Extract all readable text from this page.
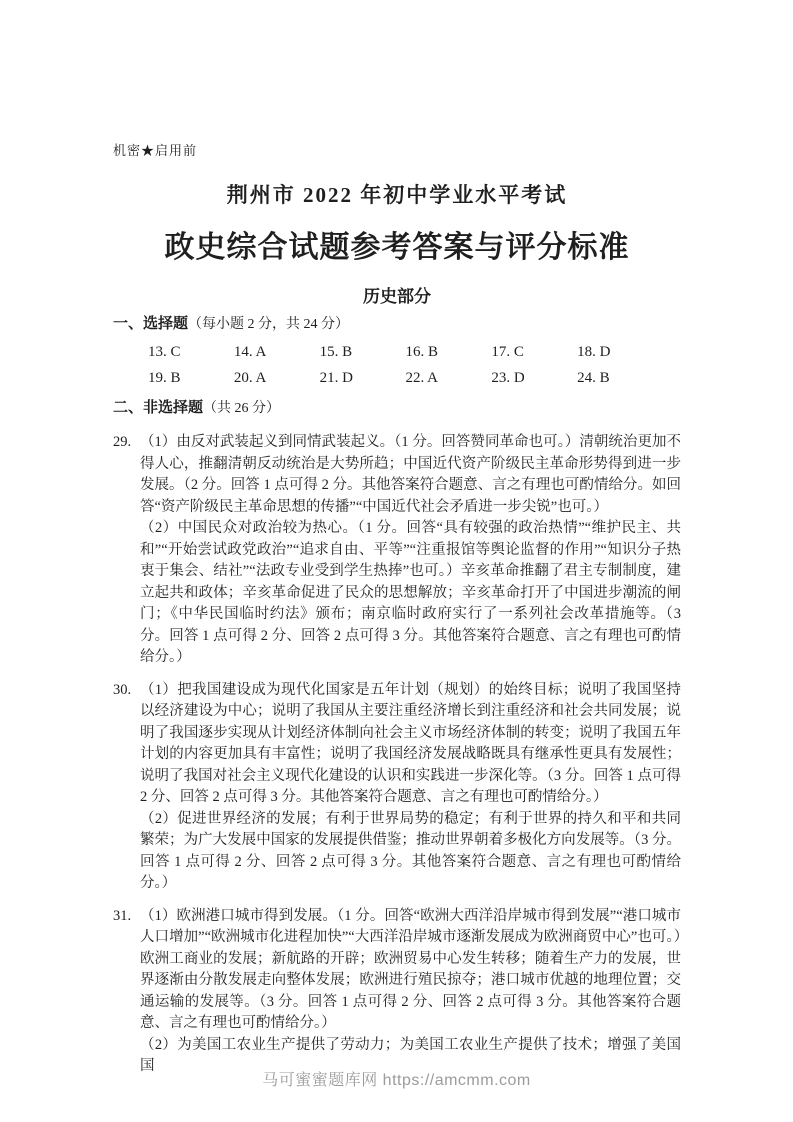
机密★启用前
荆州市 2022 年初中学业水平考试
政史综合试题参考答案与评分标准
历史部分
一、选择题（每小题 2 分，共 24 分）
13. C	14. A	15. B	16. B	17. C	18. D
19. B	20. A	21. D	22. A	23. D	24. B
二、非选择题（共 26 分）
29. （1）由反对武装起义到同情武装起义。（1 分。回答赞同革命也可。）清朝统治更加不得人心，推翻清朝反动统治是大势所趋；中国近代资产阶级民主革命形势得到进一步发展。（2 分。回答 1 点可得 2 分。其他答案符合题意、言之有理也可酌情给分。如回答“资产阶级民主革命思想的传播”“中国近代社会矛盾进一步尖锐”也可。）

（2）中国民众对政治较为热心。（1 分。回答“具有较强的政治热情”“维护民主、共和”“开始尝试政党政治”“追求自由、平等”“注重报馆等舆论监督的作用”“知识分子热衷于集会、结社”“法政专业受到学生热捧”也可。）辛亥革命推翻了君主专制制度，建立起共和政体；辛亥革命促进了民众的思想解放；辛亥革命打开了中国进步潮流的闸门；《中华民国临时约法》颁布；南京临时政府实行了一系列社会改革措施等。（3 分。回答 1 点可得 2 分、回答 2 点可得 3 分。其他答案符合题意、言之有理也可酌情给分。）

30. （1）把我国建设成为现代化国家是五年计划（规划）的始终目标；说明了我国坚持以经济建设为中心；说明了我国从主要注重经济增长到注重经济和社会共同发展；说明了我国逐步实现从计划经济体制向社会主义市场经济体制的转变；说明了我国五年计划的内容更加具有丰富性；说明了我国经济发展战略既具有继承性更具有发展性；说明了我国对社会主义现代化建设的认识和实践进一步深化等。（3 分。回答 1 点可得 2 分、回答 2 点可得 3 分。其他答案符合题意、言之有理也可酌情给分。）

（2）促进世界经济的发展；有利于世界局势的稳定；有利于世界的持久和平和共同繁荣；为广大发展中国家的发展提供借鉴；推动世界朝着多极化方向发展等。（3 分。回答 1 点可得 2 分、回答 2 点可得 3 分。其他答案符合题意、言之有理也可酌情给分。）

31. （1）欧洲港口城市得到发展。（1 分。回答“欧洲大西洋沿岸城市得到发展”“港口城市人口增加”“欧洲城市化进程加快”“大西洋沿岸城市逐渐发展成为欧洲商贸中心”也可。）欧洲工商业的发展；新航路的开辟；欧洲贸易中心发生转移；随着生产力的发展，世界逐渐由分散发展走向整体发展；欧洲进行殖民掠夺；港口城市优越的地理位置；交通运输的发展等。（3 分。回答 1 点可得 2 分、回答 2 点可得 3 分。其他答案符合题意、言之有理也可酌情给分。）

（2）为美国工农业生产提供了劳动力；为美国工农业生产提供了技术；增强了美国国

马可蜜蜜题库网 https://amcmm.com
